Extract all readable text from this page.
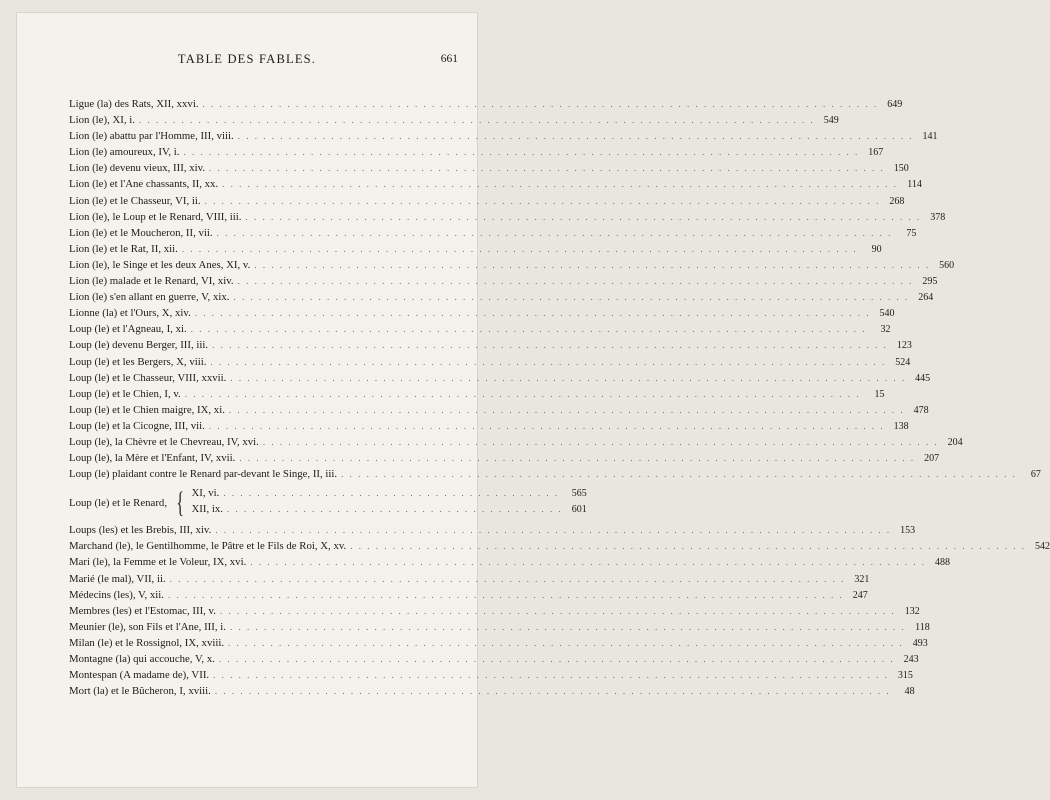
TABLE DES FABLES.	661
Ligue (la) des Rats, XII, xxvi. . . .	649
Lion (le), XI, i. . . .	549
Lion (le) abattu par l'Homme, III, viii. . . .	141
Lion (le) amoureux, IV, i. . . .	167
Lion (le) devenu vieux, III, xiv. . . .	150
Lion (le) et l'Ane chassants, II, xx. . . .	114
Lion (le) et le Chasseur, VI, ii. . . .	268
Lion (le), le Loup et le Renard, VIII, iii. . . .	378
Lion (le) et le Moucheron, II, vii. . . .	75
Lion (le) et le Rat, II, xii. . . .	90
Lion (le), le Singe et les deux Anes, XI, v. . . .	560
Lion (le) malade et le Renard, VI, xiv. . . .	295
Lion (le) s'en allant en guerre, V, xix. . . .	264
Lionne (la) et l'Ours, X, xiv. . . .	540
Loup (le) et l'Agneau, I, xi. . . .	32
Loup (le) devenu Berger, III, iii. . . .	123
Loup (le) et les Bergers, X, viii. . . .	524
Loup (le) et le Chasseur, VIII, xxvii. . . .	445
Loup (le) et le Chien, I, v. . . .	15
Loup (le) et le Chien maigre, IX, xi. . . .	478
Loup (le) et la Cicogne, III, vii. . . .	138
Loup (le), la Chèvre et le Chevreau, IV, xvi. . . .	204
Loup (le), la Mère et l'Enfant, IV, xvii. . . .	207
Loup (le) plaidant contre le Renard par-devant le Singe, II, iii. . . .	67
Loup (le) et le Renard, { XI, vi. . . .	565
XII, ix. . . .	601
Loups (les) et les Brebis, III, xiv. . . .	153
Marchand (le), le Gentilhomme, le Pâtre et le Fils de Roi, X, xv. . . .	542
Mari (le), la Femme et le Voleur, IX, xvi. . . .	488
Marié (le mal), VII, ii. . . .	321
Médecins (les), V, xii. . . .	247
Membres (les) et l'Estomac, III, v. . . .	132
Meunier (le), son Fils et l'Ane, III, i. . . .	118
Milan (le) et le Rossignol, IX, xviii. . . .	493
Montagne (la) qui accouche, V, x. . . .	243
Montespan (A madame de), VII. . . .	315
Mort (la) et le Bûcheron, I, xviii. . . .	48
